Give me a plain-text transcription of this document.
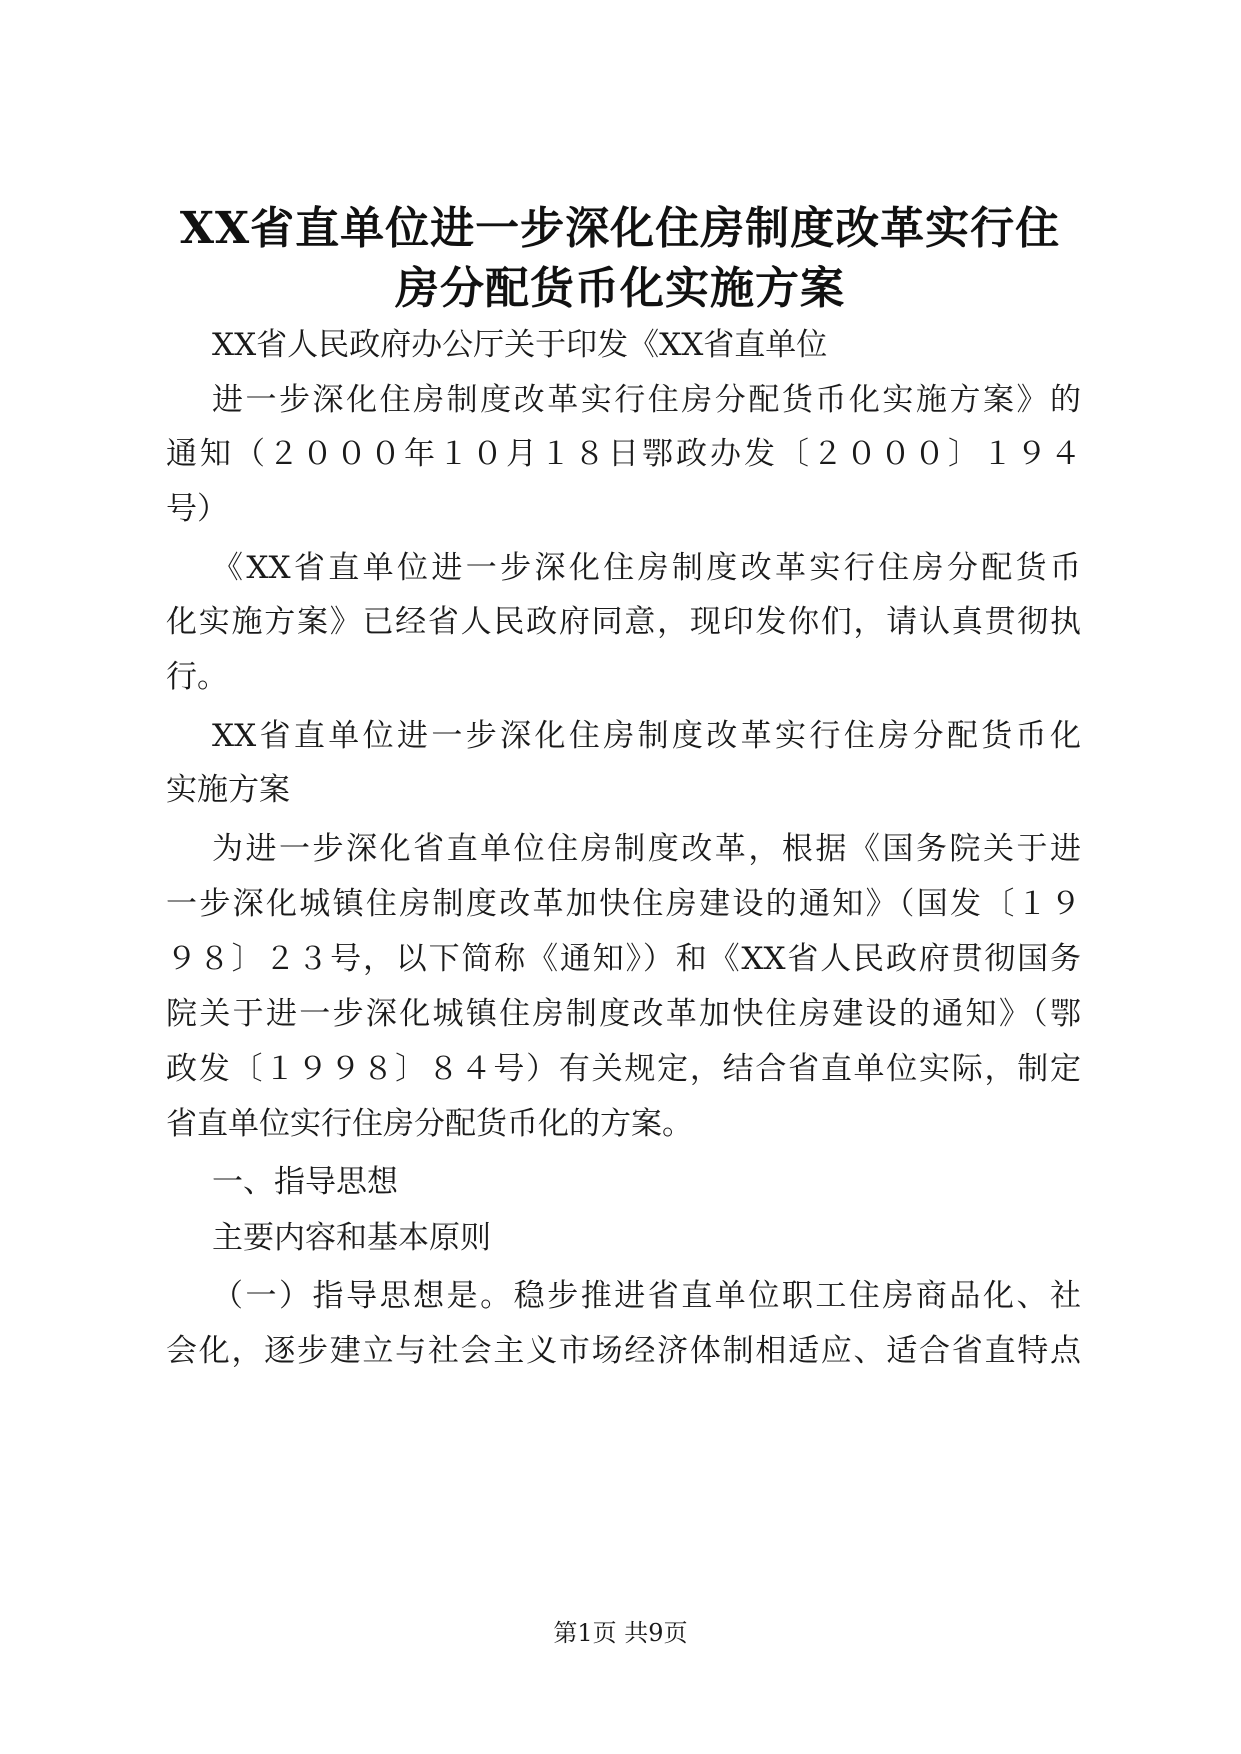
XX省直单位进一步深化住房制度改革实行住
房分配货币化实施方案
XX省人民政府办公厅关于印发《XX省直单位
进一步深化住房制度改革实行住房分配货币化实施方案》的
通知（２０００年１０月１８日鄂政办发〔２０００〕１９４
号）
《XX省直单位进一步深化住房制度改革实行住房分配货币
化实施方案》已经省人民政府同意，现印发你们，请认真贯彻执
行。
XX省直单位进一步深化住房制度改革实行住房分配货币化
实施方案
为进一步深化省直单位住房制度改革，根据《国务院关于进
一步深化城镇住房制度改革加快住房建设的通知》（国发〔１９
９８〕２３号，以下简称《通知》）和《XX省人民政府贯彻国务
院关于进一步深化城镇住房制度改革加快住房建设的通知》（鄂
政发〔１９９８〕８４号）有关规定，结合省直单位实际，制定
省直单位实行住房分配货币化的方案。
一、指导思想
主要内容和基本原则
（一）指导思想是。稳步推进省直单位职工住房商品化、社
会化，逐步建立与社会主义市场经济体制相适应、适合省直特点
第1页 共9页
